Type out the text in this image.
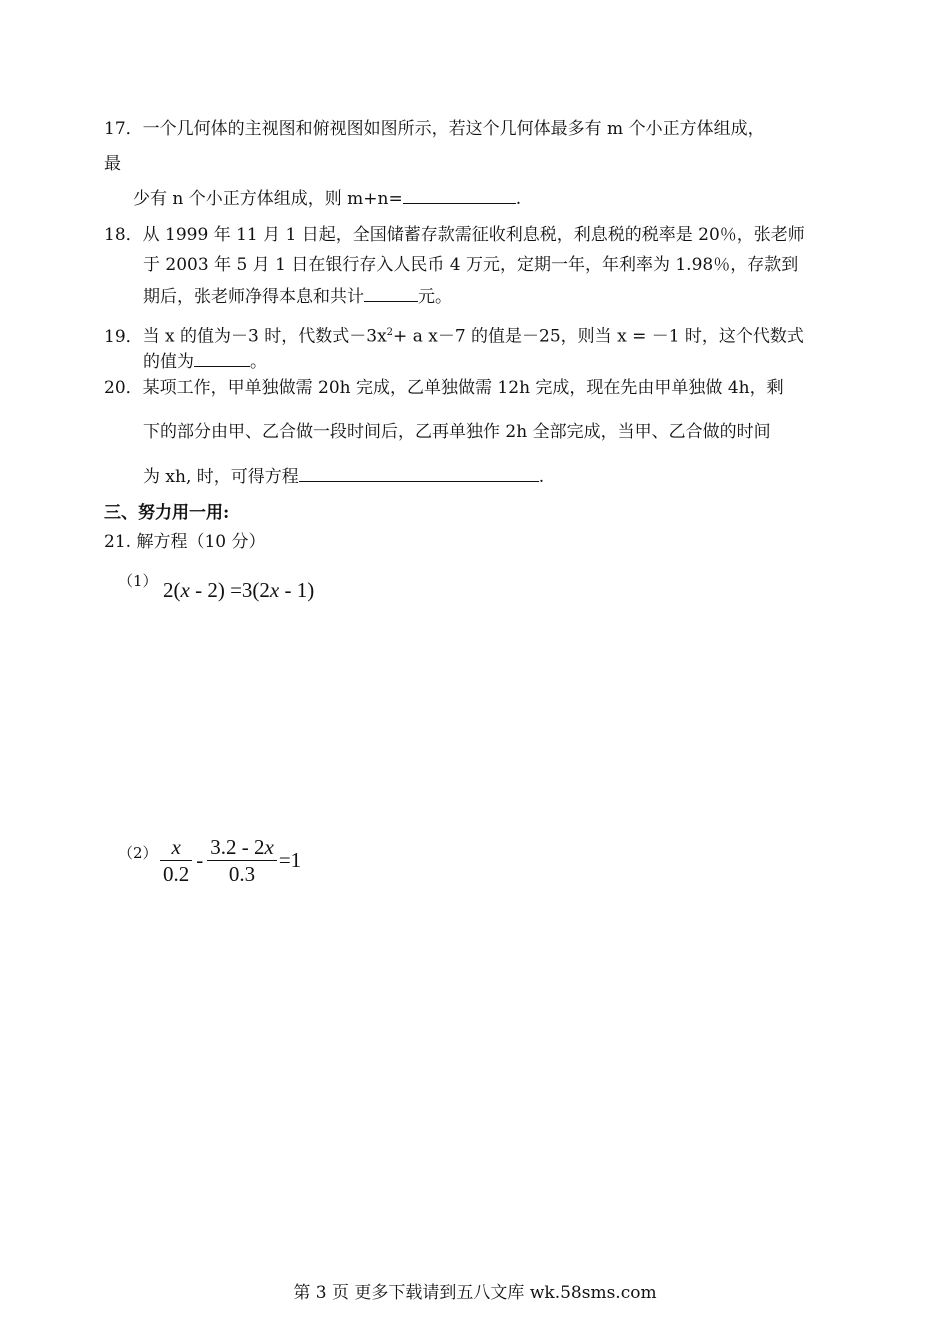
17．一个几何体的主视图和俯视图如图所示，若这个几何体最多有 m 个小正方体组成，
最
少有 n 个小正方体组成，则 m+n=	.
18．从 1999 年 11 月 1 日起，全国储蓄存款需征收利息税，利息税的税率是 20％，张老师
于 2003 年 5 月 1 日在银行存入人民币 4 万元，定期一年，年利率为 1.98％，存款到
期后，张老师净得本息和共计	元。
19．当 x 的值为－3 时，代数式$-3x^2+ a$ x－7 的值是－25，则当 x = －1 时，这个代数式
的值为	。
20．某项工作，甲单独做需 20h 完成，乙单独做需 12h 完成，现在先由甲单独做 4h，剩
下的部分由甲、乙合做一段时间后，乙再单独作 2h 全部完成，当甲、乙合做的时间
为 xh, 时，可得方程	.
三、努力用一用:
21. 解方程（10 分）
（1） 2(x - 2) =3(2x - 1)
$(2) \frac{x}{0.2} - \frac{3.2 - 2x}{0.3} =1$
第 3 页 更多下载请到五八文库 wk.58sms.com
